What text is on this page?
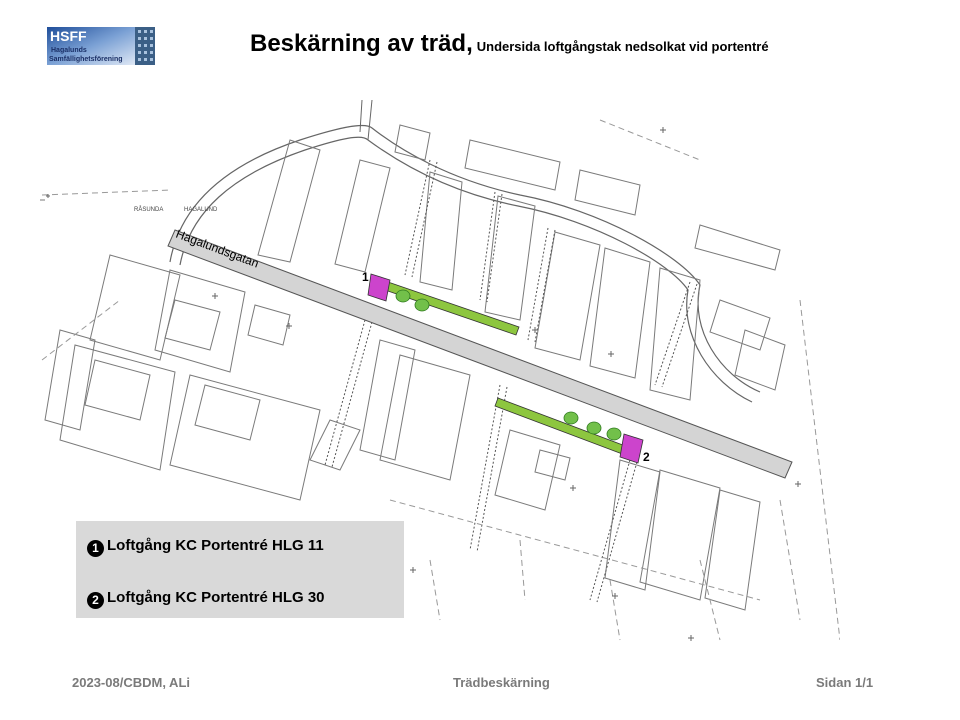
HSFF
Hagalunds
Samfällighetsförening
Beskärning av träd, Undersida loftgångstak nedsolkat vid portentré
RÅSUNDA	HAGALUND
Hagalundsgatan
1
2
1 Loftgång KC Portentré HLG 11
2 Loftgång KC Portentré HLG 30
2023-08/CBDM, ALi	Trädbeskärning	Sidan 1/1
